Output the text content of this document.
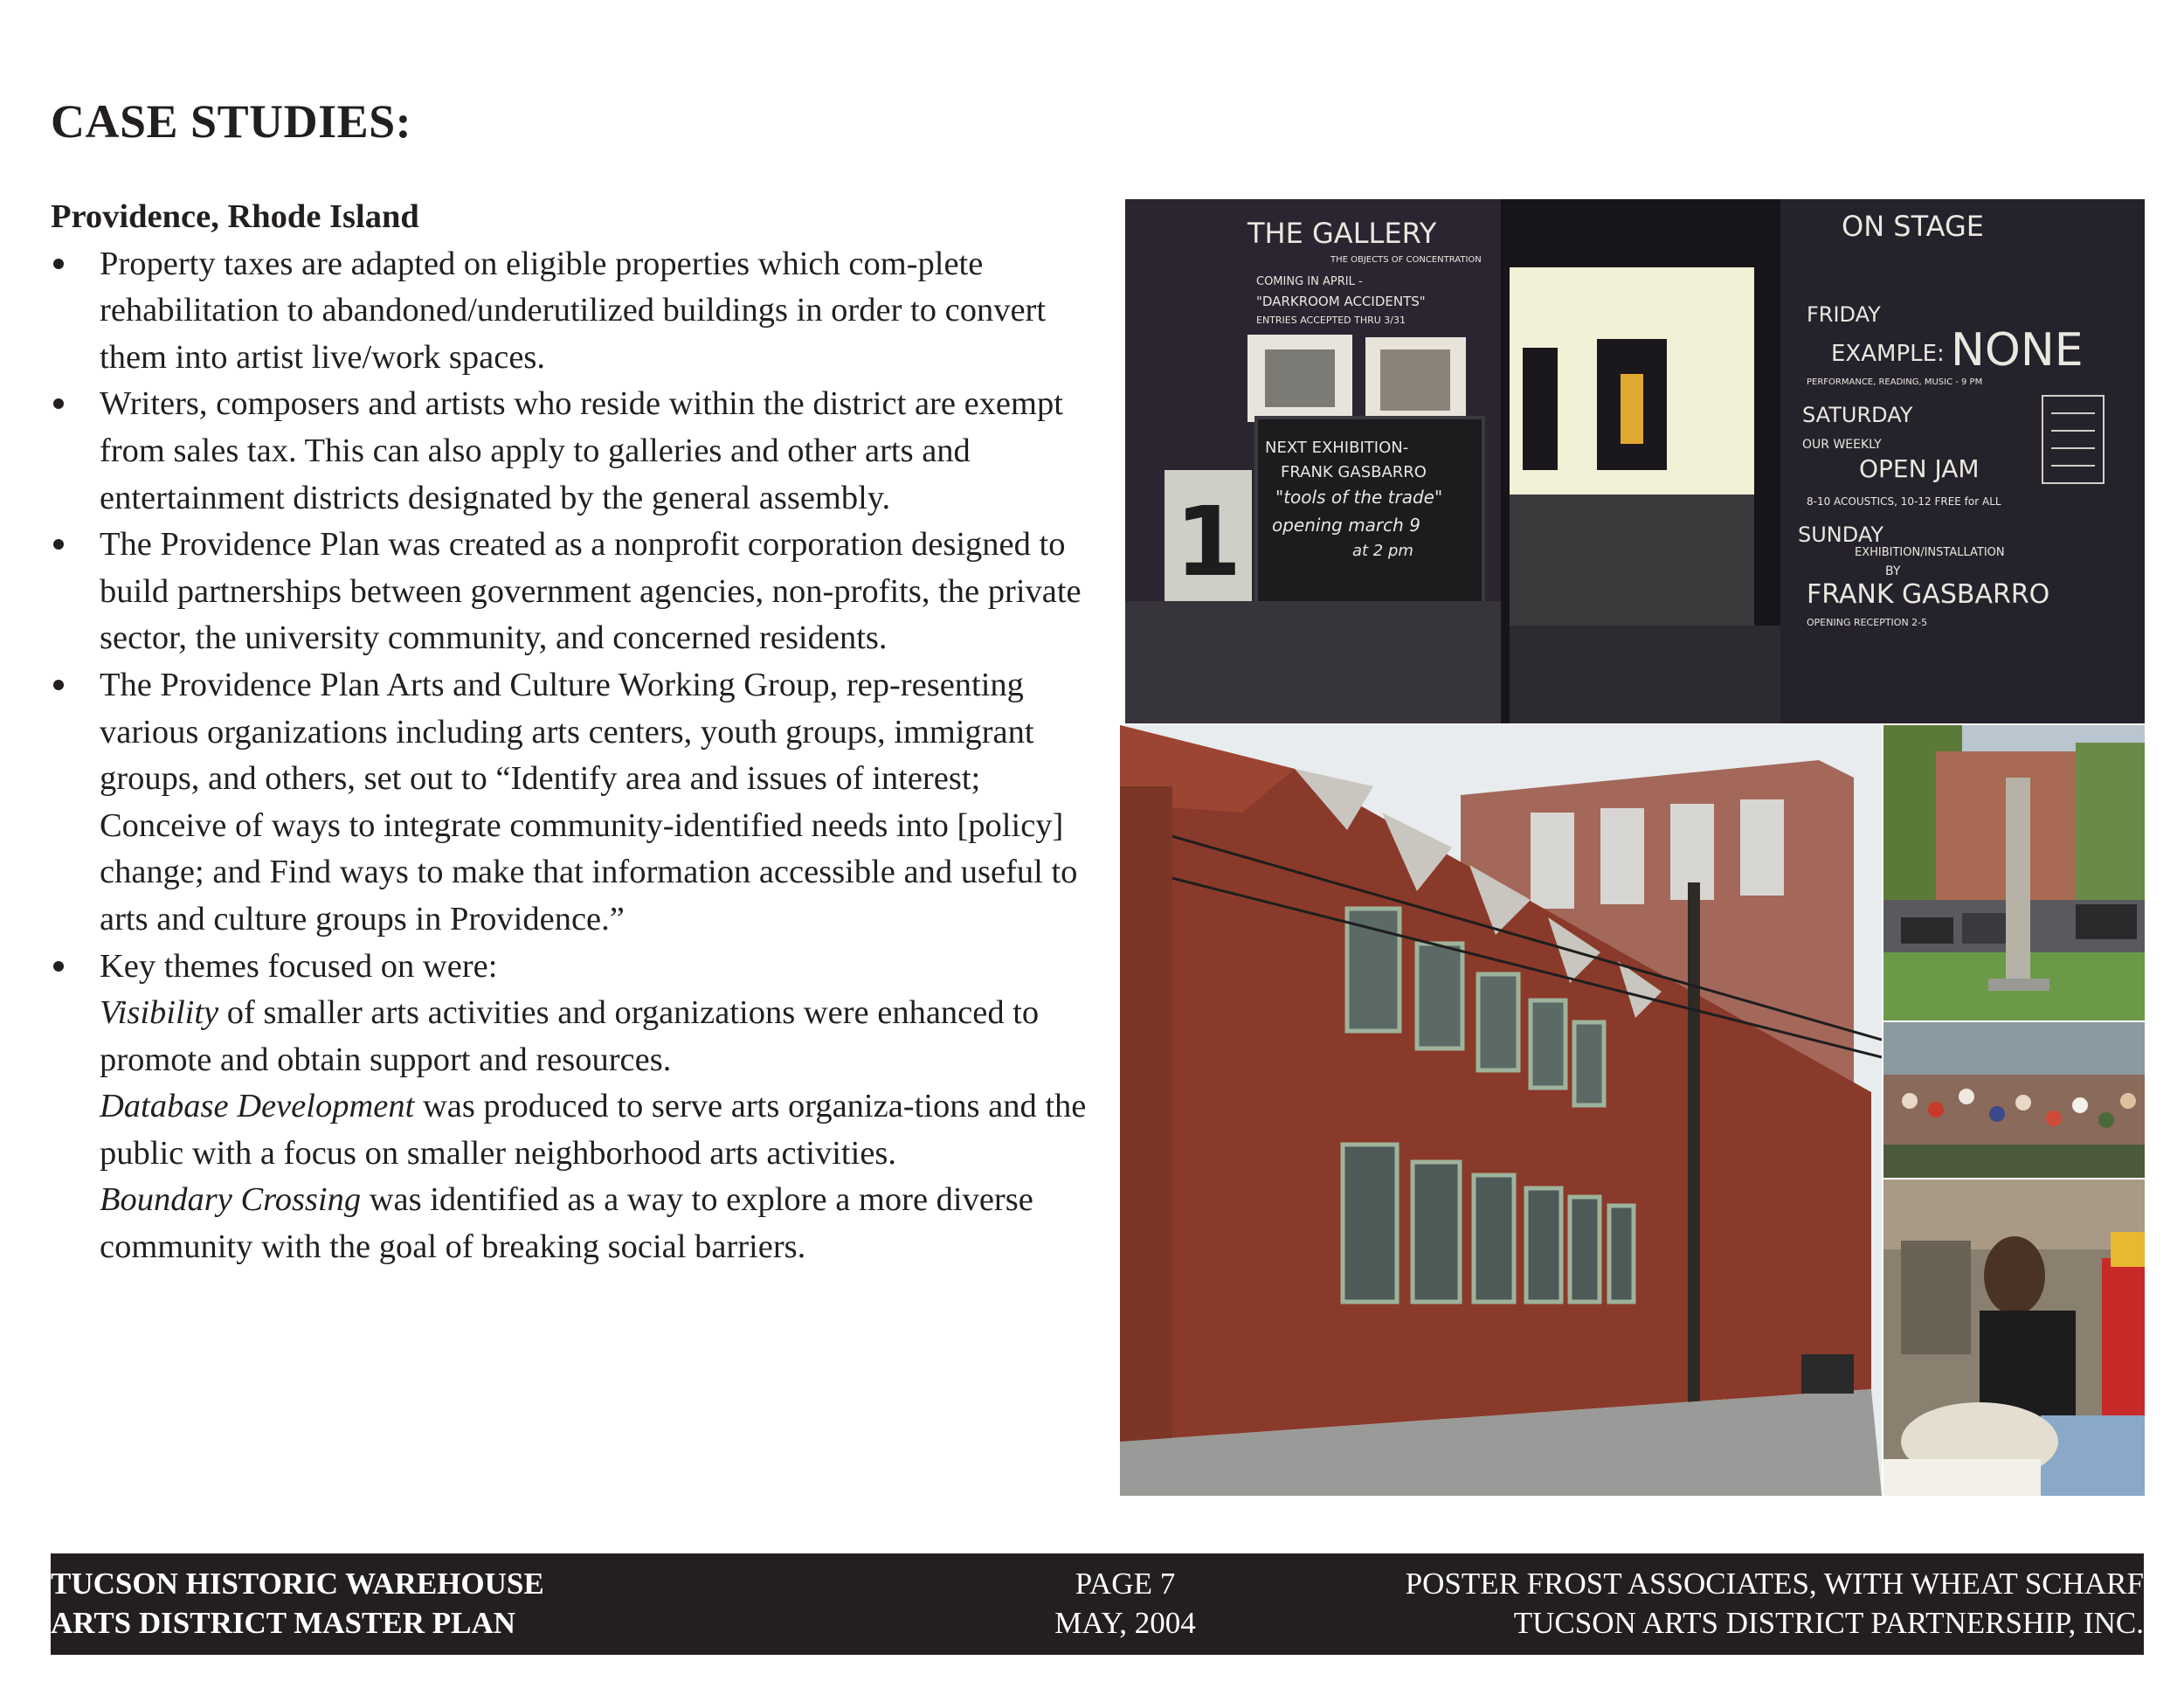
CASE STUDIES:

Providence, Rhode Island

Property taxes are adapted on eligible properties which com-plete rehabilitation to abandoned/underutilized buildings in order to convert them into artist live/work spaces.
Writers, composers and artists who reside within the district are exempt from sales tax. This can also apply to galleries and other arts and entertainment districts designated by the general assembly.
The Providence Plan was created as a nonprofit corporation designed to build partnerships between government agencies, non-profits, the private sector, the university community, and concerned residents.
The Providence Plan Arts and Culture Working Group, rep-resenting various organizations including arts centers, youth groups, immigrant groups, and others, set out to “Identify area and issues of interest; Conceive of ways to integrate community-identified needs into [policy] change; and Find ways to make that information accessible and useful to arts and culture groups in Providence.”
Key themes focused on were:
Visibility of smaller arts activities and organizations were enhanced to promote and obtain support and resources.
Database Development was produced to serve arts organiza-tions and the public with a focus on smaller neighborhood arts activities.
Boundary Crossing was identified as a way to explore a more diverse community with the goal of breaking social barriers.
1
THE GALLERY
THE OBJECTS OF CONCENTRATION
COMING IN APRIL -
"DARKROOM ACCIDENTS"
ENTRIES ACCEPTED THRU 3/31
NEXT EXHIBITION-
FRANK GASBARRO
"tools of the trade"
opening march 9
at 2 pm
ON STAGE
FRIDAY
EXAMPLE: NONE
PERFORMANCE, READING, MUSIC - 9 PM
SATURDAY
OUR WEEKLY
OPEN JAM
8-10 ACOUSTICS, 10-12 FREE for ALL
SUNDAY
EXHIBITION/INSTALLATION
BY
FRANK GASBARRO
OPENING RECEPTION 2-5
TUCSON HISTORIC WAREHOUSE
ARTS DISTRICT MASTER PLAN
PAGE 7
MAY, 2004
POSTER FROST ASSOCIATES, WITH WHEAT SCHARF
TUCSON ARTS DISTRICT PARTNERSHIP, INC.
